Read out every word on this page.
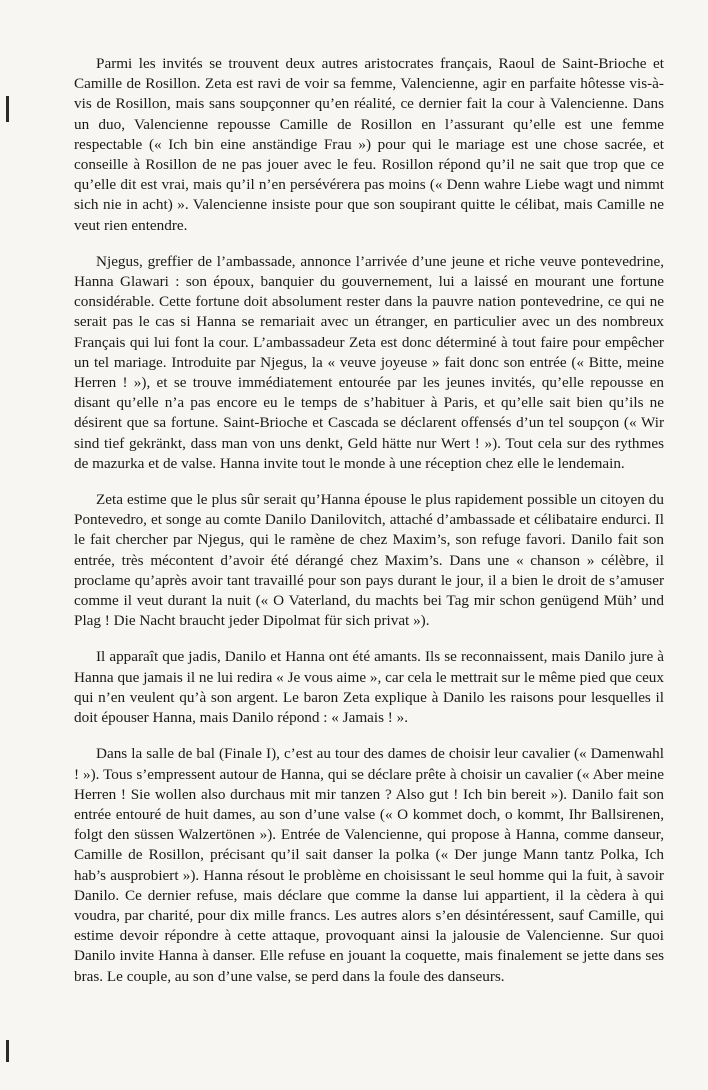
Parmi les invités se trouvent deux autres aristocrates français, Raoul de Saint-Brioche et Camille de Rosillon. Zeta est ravi de voir sa femme, Valencienne, agir en parfaite hôtesse vis-à-vis de Rosillon, mais sans soupçonner qu’en réalité, ce dernier fait la cour à Valencienne. Dans un duo, Valencienne repousse Camille de Rosillon en l’assurant qu’elle est une femme respectable (« Ich bin eine anständige Frau ») pour qui le mariage est une chose sacrée, et conseille à Rosillon de ne pas jouer avec le feu. Rosillon répond qu’il ne sait que trop que ce qu’elle dit est vrai, mais qu’il n’en persévérera pas moins (« Denn wahre Liebe wagt und nimmt sich nie in acht) ». Valencienne insiste pour que son soupirant quitte le célibat, mais Camille ne veut rien entendre.

Njegus, greffier de l’ambassade, annonce l’arrivée d’une jeune et riche veuve pontevedrine, Hanna Glawari : son époux, banquier du gouvernement, lui a laissé en mourant une fortune considérable. Cette fortune doit absolument rester dans la pauvre nation pontevedrine, ce qui ne serait pas le cas si Hanna se remariait avec un étranger, en particulier avec un des nombreux Français qui lui font la cour. L’ambassadeur Zeta est donc déterminé à tout faire pour empêcher un tel mariage. Introduite par Njegus, la « veuve joyeuse » fait donc son entrée (« Bitte, meine Herren ! »), et se trouve immédiatement entourée par les jeunes invités, qu’elle repousse en disant qu’elle n’a pas encore eu le temps de s’habituer à Paris, et qu’elle sait bien qu’ils ne désirent que sa fortune. Saint-Brioche et Cascada se déclarent offensés d’un tel soupçon (« Wir sind tief gekränkt, dass man von uns denkt, Geld hätte nur Wert ! »). Tout cela sur des rythmes de mazurka et de valse. Hanna invite tout le monde à une réception chez elle le lendemain.

Zeta estime que le plus sûr serait qu’Hanna épouse le plus rapidement possible un citoyen du Pontevedro, et songe au comte Danilo Danilovitch, attaché d’ambassade et célibataire endurci. Il le fait chercher par Njegus, qui le ramène de chez Maxim’s, son refuge favori. Danilo fait son entrée, très mécontent d’avoir été dérangé chez Maxim’s. Dans une « chanson » célèbre, il proclame qu’après avoir tant travaillé pour son pays durant le jour, il a bien le droit de s’amuser comme il veut durant la nuit (« O Vaterland, du machts bei Tag mir schon genügend Müh’ und Plag ! Die Nacht braucht jeder Dipolmat für sich privat »).

Il apparaît que jadis, Danilo et Hanna ont été amants. Ils se reconnaissent, mais Danilo jure à Hanna que jamais il ne lui redira « Je vous aime », car cela le mettrait sur le même pied que ceux qui n’en veulent qu’à son argent. Le baron Zeta explique à Danilo les raisons pour lesquelles il doit épouser Hanna, mais Danilo répond : « Jamais ! ».

Dans la salle de bal (Finale I), c’est au tour des dames de choisir leur cavalier (« Damenwahl ! »). Tous s’empressent autour de Hanna, qui se déclare prête à choisir un cavalier (« Aber meine Herren ! Sie wollen also durchaus mit mir tanzen ? Also gut ! Ich bin bereit »). Danilo fait son entrée entouré de huit dames, au son d’une valse (« O kommet doch, o kommt, Ihr Ballsirenen, folgt den süssen Walzertönen »). Entrée de Valencienne, qui propose à Hanna, comme danseur, Camille de Rosillon, précisant qu’il sait danser la polka (« Der junge Mann tantz Polka, Ich hab’s ausprobiert »). Hanna résout le problème en choisissant le seul homme qui la fuit, à savoir Danilo. Ce dernier refuse, mais déclare que comme la danse lui appartient, il la cèdera à qui voudra, par charité, pour dix mille francs. Les autres alors s’en désintéressent, sauf Camille, qui estime devoir répondre à cette attaque, provoquant ainsi la jalousie de Valencienne. Sur quoi Danilo invite Hanna à danser. Elle refuse en jouant la coquette, mais finalement se jette dans ses bras. Le couple, au son d’une valse, se perd dans la foule des danseurs.
